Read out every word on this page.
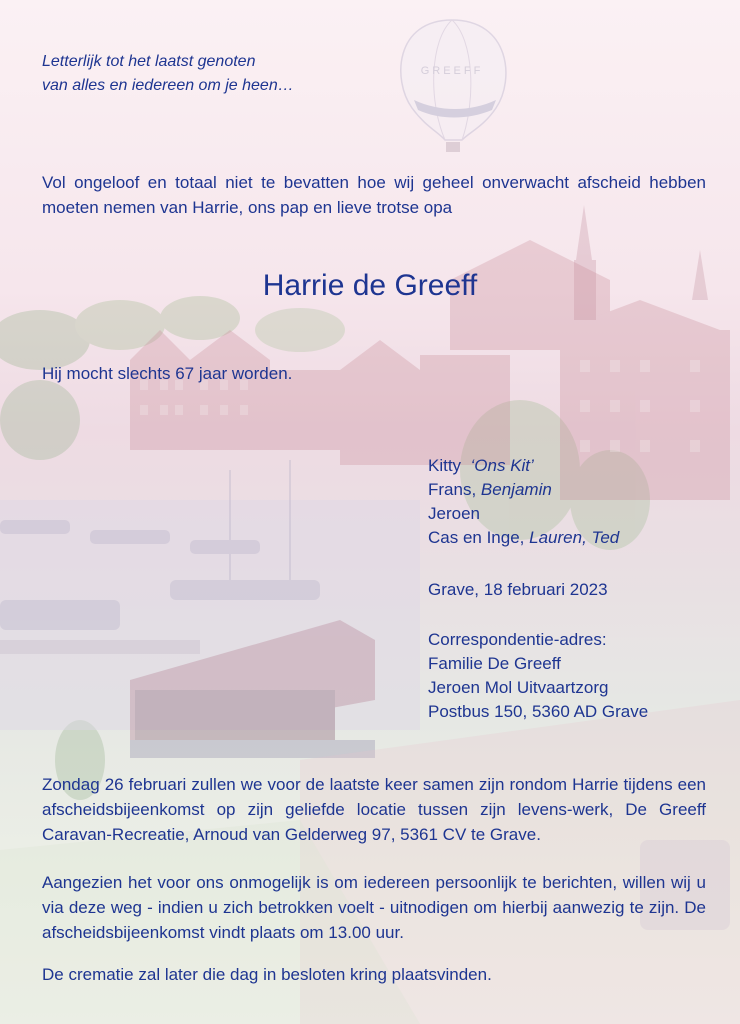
GREEFF
Letterlijk tot het laatst genoten
van alles en iedereen om je heen…

Vol ongeloof en totaal niet te bevatten hoe wij geheel onverwacht afscheid hebben moeten nemen van Harrie, ons pap en lieve trotse opa

Harrie de Greeff

Hij mocht slechts 67 jaar worden.

Kitty ‘Ons Kit’
Frans, Benjamin
Jeroen
Cas en Inge, Lauren, Ted
Grave, 18 februari 2023
Correspondentie-adres:
Familie De Greeff
Jeroen Mol Uitvaartzorg
Postbus 150, 5360 AD Grave

Zondag 26 februari zullen we voor de laatste keer samen zijn rondom Harrie tijdens een afscheidsbijeenkomst op zijn geliefde locatie tussen zijn levens-werk, De Greeff Caravan-Recreatie, Arnoud van Gelderweg 97, 5361 CV te Grave.

Aangezien het voor ons onmogelijk is om iedereen persoonlijk te berichten, willen wij u via deze weg - indien u zich betrokken voelt - uitnodigen om hierbij aanwezig te zijn. De afscheidsbijeenkomst vindt plaats om 13.00 uur.

De crematie zal later die dag in besloten kring plaatsvinden.
